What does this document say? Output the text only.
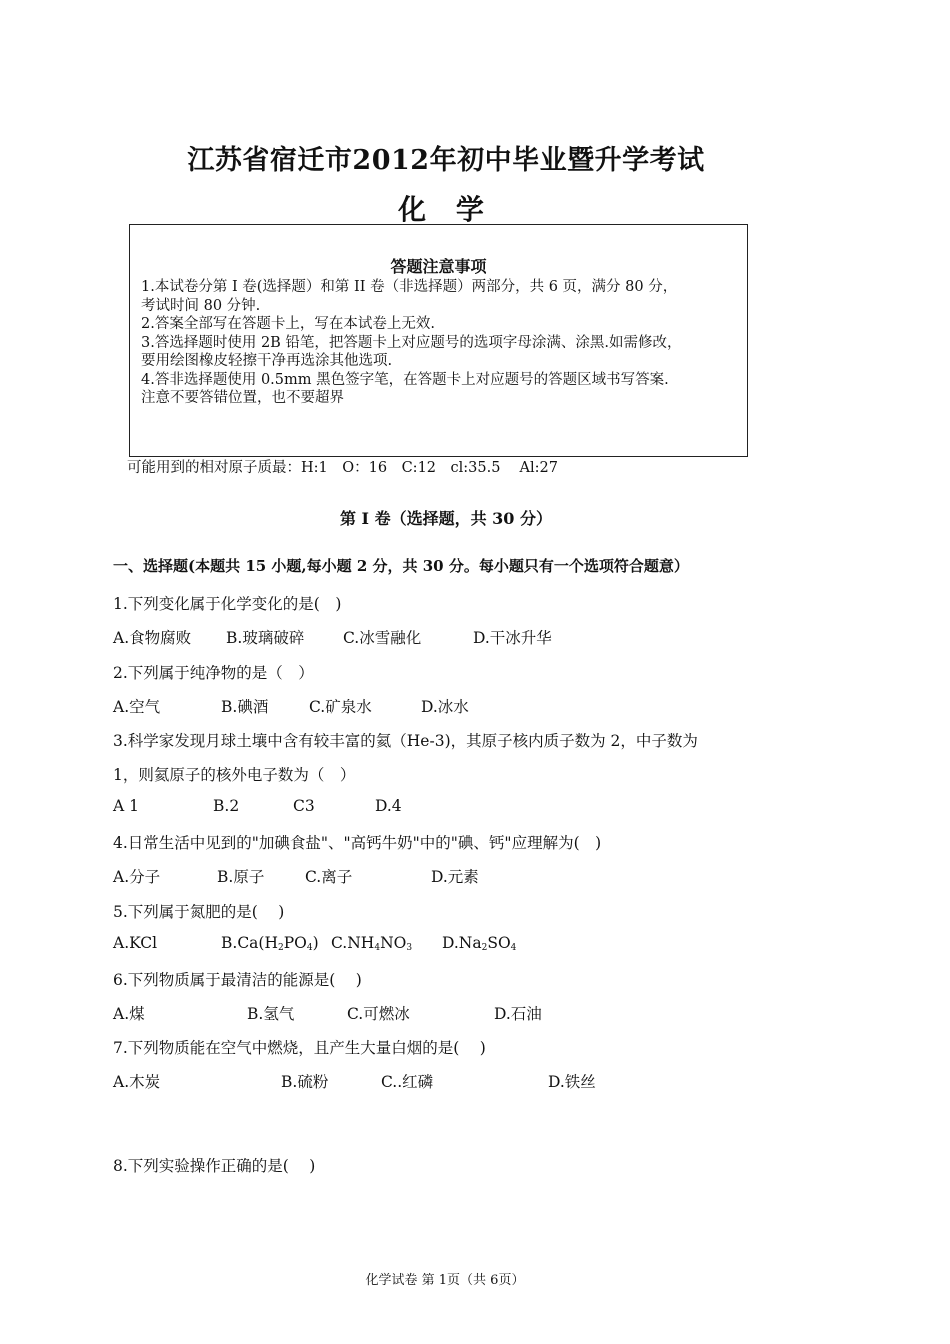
江苏省宿迁市2012年初中毕业暨升学考试
化 学
答题注意事项
1.本试卷分第 I 卷(选择题）和第 II 卷（非选择题）两部分，共 6 页，满分 80 分，
考试时间 80 分钟.
2.答案全部写在答题卡上，写在本试卷上无效.
3.答选择题时使用 2B 铅笔，把答题卡上对应题号的选项字母涂满、涂黑.如需修改，
要用绘图橡皮轻擦干净再选涂其他选项.
4.答非选择题使用 0.5mm 黑色签字笔，在答题卡上对应题号的答题区域书写答案.
注意不要答错位置，也不要超界
可能用到的相对原子质最：H:1　O：16　C:12　cl:35.5　 Al:27
第 I 卷（选择题，共 30 分）
一、选择题(本题共 15 小题,每小题 2 分，共 30 分。每小题只有一个选项符合题意）
1.下列变化属于化学变化的是(　)
A.食物腐败 B.玻璃破碎 C.冰雪融化	D.干冰升华
2.下列属于纯净物的是（　）
A.空气	B.碘酒	C.矿泉水	D.冰水
3.科学家发现月球土壤中含有较丰富的氦（He-3)，其原子核内质子数为 2，中子数为
1，则氦原子的核外电子数为（　）
A 1	B.2	C3	D.4
4.日常生活中见到的"加碘食盐"、"高钙牛奶"中的"碘、钙"应理解为(　)
A.分子	B.原子	C.离子	D.元素
5.下列属于氮肥的是(　 )
A.KCl	$B.Ca(H_2PO_4)$ $C.NH_4NO_3$ $D.Na_2SO_4$
6.下列物质属于最清洁的能源是(　 )
A.煤	B.氢气	C.可燃冰	D.石油
7.下列物质能在空气中燃烧，且产生大量白烟的是(　 )
A.木炭	B.硫粉	C..红磷	D.铁丝
8.下列实验操作正确的是(　 )
化学试卷 第 1页（共 6页）
